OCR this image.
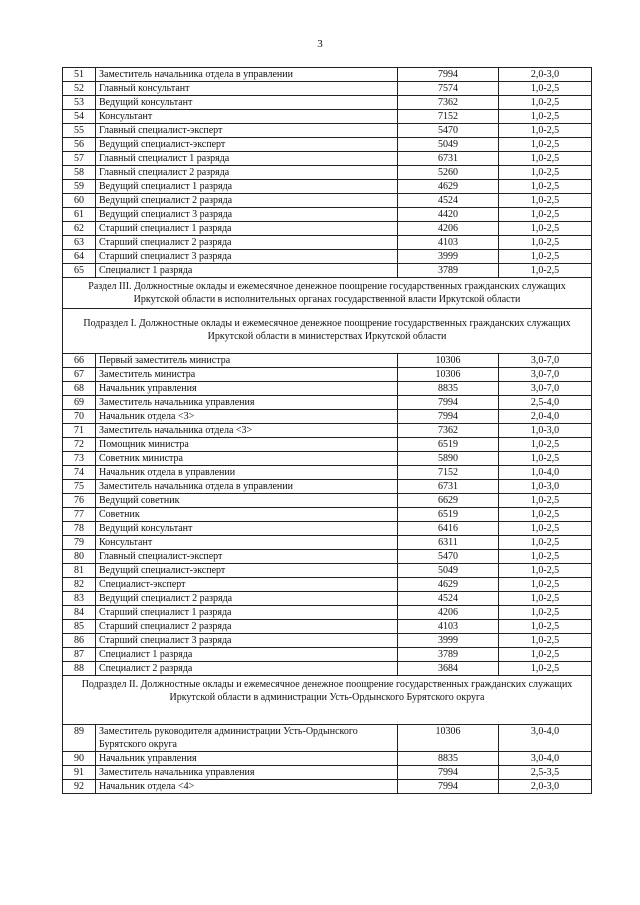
3
51	Заместитель начальника отдела в управлении	7994	2,0-3,0
52	Главный консультант	7574	1,0-2,5
53	Ведущий консультант	7362	1,0-2,5
54	Консультант	7152	1,0-2,5
55	Главный специалист-эксперт	5470	1,0-2,5
56	Ведущий специалист-эксперт	5049	1,0-2,5
57	Главный специалист 1 разряда	6731	1,0-2,5
58	Главный специалист 2 разряда	5260	1,0-2,5
59	Ведущий специалист 1 разряда	4629	1,0-2,5
60	Ведущий специалист 2 разряда	4524	1,0-2,5
61	Ведущий специалист 3 разряда	4420	1,0-2,5
62	Старший специалист 1 разряда	4206	1,0-2,5
63	Старший специалист 2 разряда	4103	1,0-2,5
64	Старший специалист 3 разряда	3999	1,0-2,5
65	Специалист 1 разряда	3789	1,0-2,5
Раздел III. Должностные оклады и ежемесячное денежное поощрение государственных гражданских служащих Иркутской области в исполнительных органах государственной власти Иркутской области			
Подраздел I. Должностные оклады и ежемесячное денежное поощрение государственных гражданских служащих Иркутской области в министерствах Иркутской области			
66	Первый заместитель министра	10306	3,0-7,0
67	Заместитель министра	10306	3,0-7,0
68	Начальник управления	8835	3,0-7,0
69	Заместитель начальника управления	7994	2,5-4,0
70	Начальник отдела <3>	7994	2,0-4,0
71	Заместитель начальника отдела <3>	7362	1,0-3,0
72	Помощник министра	6519	1,0-2,5
73	Советник министра	5890	1,0-2,5
74	Начальник отдела в управлении	7152	1,0-4,0
75	Заместитель начальника отдела в управлении	6731	1,0-3,0
76	Ведущий советник	6629	1,0-2,5
77	Советник	6519	1,0-2,5
78	Ведущий консультант	6416	1,0-2,5
79	Консультант	6311	1,0-2,5
80	Главный специалист-эксперт	5470	1,0-2,5
81	Ведущий специалист-эксперт	5049	1,0-2,5
82	Специалист-эксперт	4629	1,0-2,5
83	Ведущий специалист 2 разряда	4524	1,0-2,5
84	Старший специалист 1 разряда	4206	1,0-2,5
85	Старший специалист 2 разряда	4103	1,0-2,5
86	Старший специалист 3 разряда	3999	1,0-2,5
87	Специалист 1 разряда	3789	1,0-2,5
88	Специалист 2 разряда	3684	1,0-2,5
Подраздел II. Должностные оклады и ежемесячное денежное поощрение государственных гражданских служащих Иркутской области в администрации Усть-Ордынского Бурятского округа			
89	Заместитель руководителя администрации Усть-Ордынского Бурятского округа	10306	3,0-4,0
90	Начальник управления	8835	3,0-4,0
91	Заместитель начальника управления	7994	2,5-3,5
92	Начальник отдела <4>	7994	2,0-3,0
